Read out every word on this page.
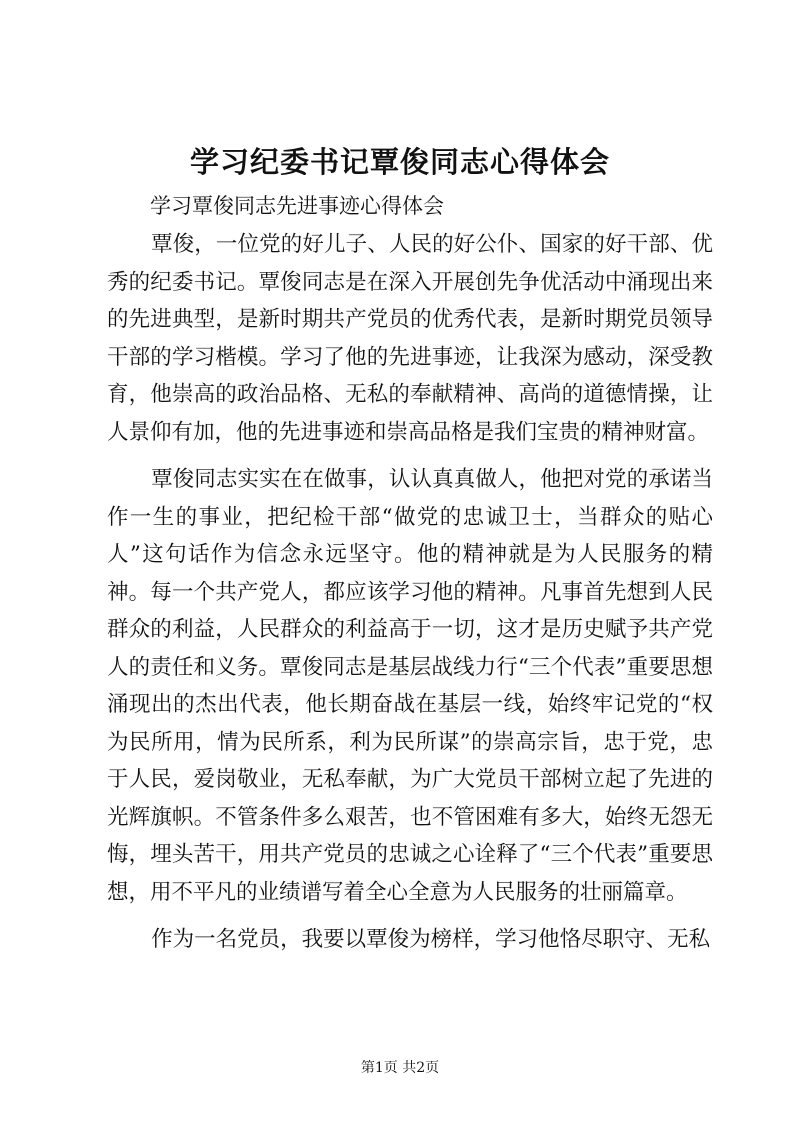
学习纪委书记覃俊同志心得体会

学习覃俊同志先进事迹心得体会

覃俊，一位党的好儿子、人民的好公仆、国家的好干部、优秀的纪委书记。覃俊同志是在深入开展创先争优活动中涌现出来的先进典型，是新时期共产党员的优秀代表，是新时期党员领导干部的学习楷模。学习了他的先进事迹，让我深为感动，深受教育，他崇高的政治品格、无私的奉献精神、高尚的道德情操，让人景仰有加，他的先进事迹和崇高品格是我们宝贵的精神财富。

覃俊同志实实在在做事，认认真真做人，他把对党的承诺当作一生的事业，把纪检干部“做党的忠诚卫士，当群众的贴心人”这句话作为信念永远坚守。他的精神就是为人民服务的精神。每一个共产党人，都应该学习他的精神。凡事首先想到人民群众的利益，人民群众的利益高于一切，这才是历史赋予共产党人的责任和义务。覃俊同志是基层战线力行“三个代表”重要思想涌现出的杰出代表，他长期奋战在基层一线，始终牢记党的“权为民所用，情为民所系，利为民所谋”的崇高宗旨，忠于党，忠于人民，爱岗敬业，无私奉献，为广大党员干部树立起了先进的光辉旗帜。不管条件多么艰苦，也不管困难有多大，始终无怨无悔，埋头苦干，用共产党员的忠诚之心诠释了“三个代表”重要思想，用不平凡的业绩谱写着全心全意为人民服务的壮丽篇章。

作为一名党员，我要以覃俊为榜样，学习他恪尽职守、无私

第1页 共2页
